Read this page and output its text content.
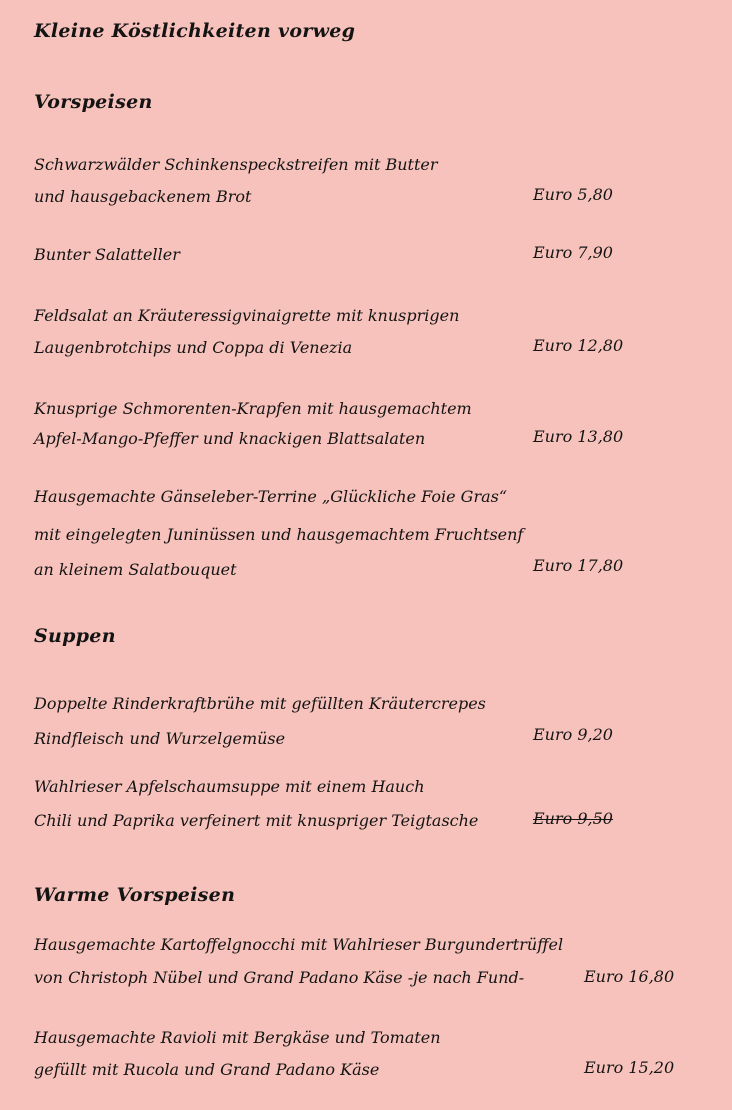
Kleine Köstlichkeiten vorweg
Vorspeisen
Schwarzwälder Schinkenspeckstreifen mit Butter
und hausgebackenem Brot	Euro 5,80
Bunter Salatteller	Euro 7,90
Feldsalat an Kräuteressigvinaigrette mit knusprigen
Laugenbrotchips und Coppa di Venezia	Euro 12,80
Knusprige Schmorenten-Krapfen mit hausgemachtem
Apfel-Mango-Pfeffer und knackigen Blattsalaten	Euro 13,80
Hausgemachte Gänseleber-Terrine „Glückliche Foie Gras“
mit eingelegten Juninüssen und hausgemachtem Fruchtsenf
an kleinem Salatbouquet	Euro 17,80
Suppen
Doppelte Rinderkraftbrühe mit gefüllten Kräutercrepes
Rindfleisch und Wurzelgemüse	Euro 9,20
Wahlrieser Apfelschaumsuppe mit einem Hauch
Chili und Paprika verfeinert mit knuspriger Teigtasche	Euro 9,50
Warme Vorspeisen
Hausgemachte Kartoffelgnocchi mit Wahlrieser Burgundertrüffel
von Christoph Nübel und Grand Padano Käse -je nach Fund-	Euro 16,80
Hausgemachte Ravioli mit Bergkäse und Tomaten
gefüllt mit Rucola und Grand Padano Käse	Euro 15,20
